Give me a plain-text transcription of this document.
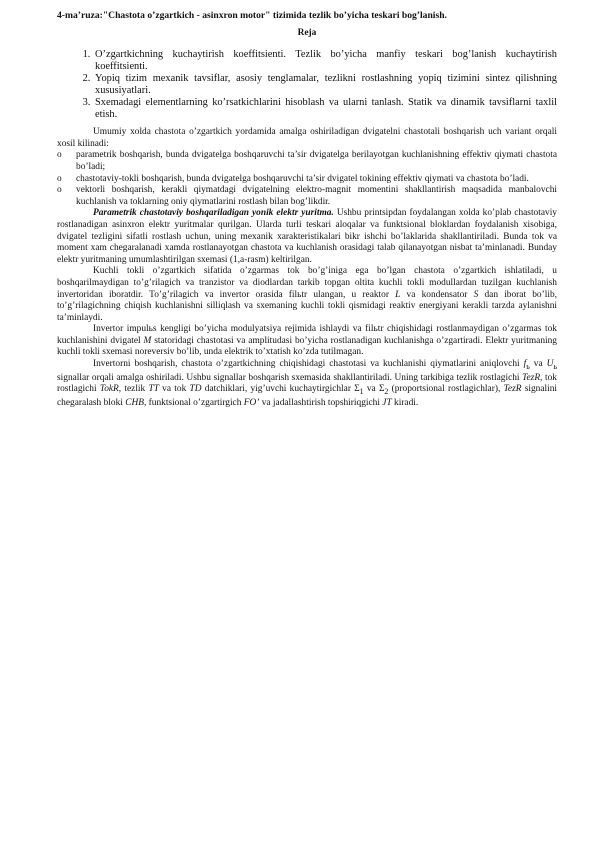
4-ma’ruza:"Chastota o’zgartkich - asinxron motor" tizimida tezlik bo’yicha teskari bog’lanish.

Reja

1. O’zgartkichning kuchaytirish koeffitsienti. Tezlik bo’yicha manfiy teskari bog’lanish kuchaytirish koeffitsienti.
2. Yopiq tizim mexanik tavsiflar, asosiy tenglamalar, tezlikni rostlashning yopiq tizimini sintez qilishning xususiyatlari.
3. Sxemadagi elementlarning ko’rsatkichlarini hisoblash va ularni tanlash. Statik va dinamik tavsiflarni taxlil etish.

Umumiy xolda chastota o’zgartkich yordamida amalga oshiriladigan dvigatelni chastotali boshqarish uch variant orqali xosil kilinadi:

o	parametrik boshqarish, bunda dvigatelga boshqaruvchi ta’sir dvigatelga berilayotgan kuchlanishning effektiv qiymati chastota bo’ladi;
o	chastotaviy-tokli boshqarish, bunda dvigatelga boshqaruvchi ta’sir dvigatel tokining effektiv qiymati va chastota bo’ladi.
o	vektorli boshqarish, kerakli qiymatdagi dvigatelning elektro-magnit momentini shakllantirish maqsadida manbalovchi kuchlanish va toklarning oniy qiymatlarini rostlash bilan bog’likdir.

Parametrik chastotaviy boshqariladigan yonik elektr yuritma. Ushbu printsipdan foydalangan xolda ko’plab chastotaviy rostlanadigan asinxron elektr yuritmalar qurilgan. Ularda turli teskari aloqalar va funktsional bloklardan foydalanish xisobiga, dvigatel tezligini sifatli rostlash uchun, uning mexanik xarakteristikalari bikr ishchi bo’laklarida shakllantiriladi. Bunda tok va moment xam chegaralanadi xamda rostlanayotgan chastota va kuchlanish orasidagi talab qilanayotgan nisbat ta’minlanadi. Bunday elektr yuritmaning umumlashtirilgan sxemasi (1,a-rasm) keltirilgan.

Kuchli tokli o’zgartkich sifatida o’zgarmas tok bo’g’iniga ega bo’lgan chastota o’zgartkich ishlatiladi, u boshqarilmaydigan to’g’rilagich va tranzistor va diodlardan tarkib topgan oltita kuchli tokli modullardan tuzilgan kuchlanish invertoridan iboratdir. To’g’rilagich va invertor orasida filьtr ulangan, u reaktor L va kondensator S dan iborat bo’lib, to’g’rilagichning chiqish kuchlanishni silliqlash va sxemaning kuchli tokli qismidagi reaktiv energiyani kerakli tarzda aylanishni ta’minlaydi.

Invertor impulьs kengligi bo’yicha modulyatsiya rejimida ishlaydi va filьtr chiqishidagi rostlanmaydigan o’zgarmas tok kuchlanishini dvigatel M statoridagi chastotasi va amplitudasi bo’yicha rostlanadigan kuchlanishga o’zgartiradi. Elektr yuritmaning kuchli tokli sxemasi noreversiv bo’lib, unda elektrik to’xtatish ko’zda tutilmagan.

Invertorni boshqarish, chastota o’zgartkichning chiqishidagi chastotasi va kuchlanishi qiymatlarini aniqlovchi $f_ь$ va $U_ь$ signallar orqali amalga oshiriladi. Ushbu signallar boshqarish sxemasida shakllantiriladi. Uning tarkibiga tezlik rostlagichi TezR, tok rostlagichi TokR, tezlik TT va tok TD datchiklari, yig’uvchi kuchaytirgichlar $\Sigma_1$ va $\Sigma_2$ (proportsional rostlagichlar), TezR signalini chegaralash bloki CHB, funktsional o’zgartirgich FO’ va jadallashtirish topshiriqgichi JT kiradi.
